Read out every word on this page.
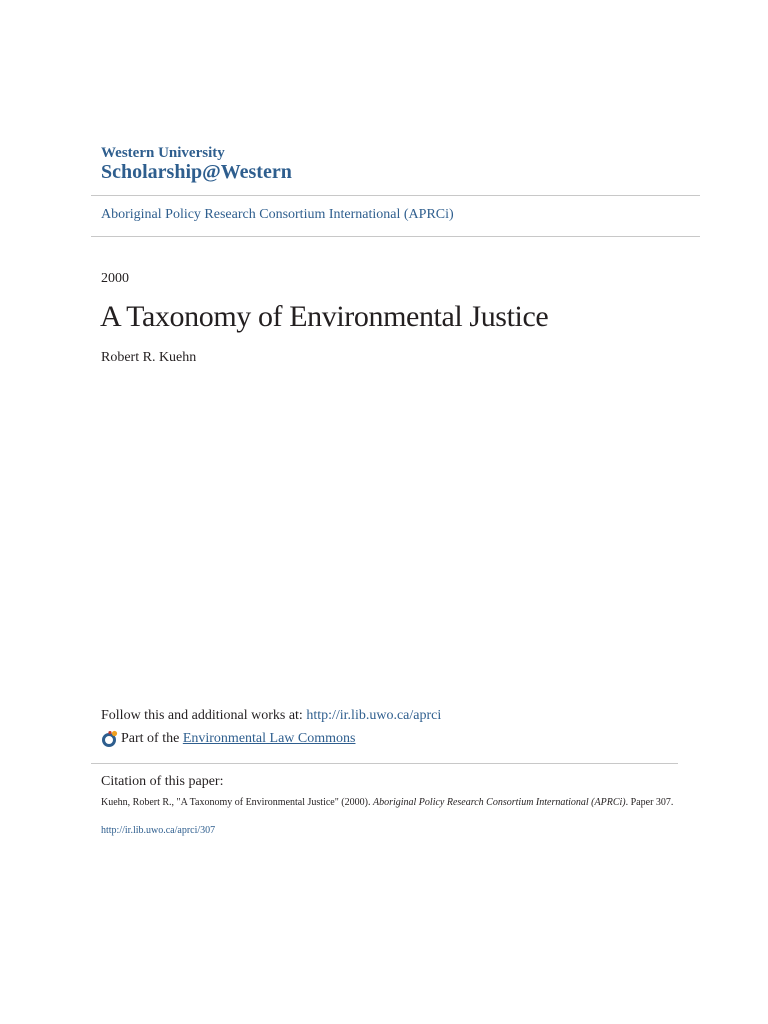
Western University
Scholarship@Western
Aboriginal Policy Research Consortium International (APRCi)
2000
A Taxonomy of Environmental Justice
Robert R. Kuehn
Follow this and additional works at: http://ir.lib.uwo.ca/aprci
Part of the Environmental Law Commons
Citation of this paper:
Kuehn, Robert R., "A Taxonomy of Environmental Justice" (2000). Aboriginal Policy Research Consortium International (APRCi). Paper 307.
http://ir.lib.uwo.ca/aprci/307
